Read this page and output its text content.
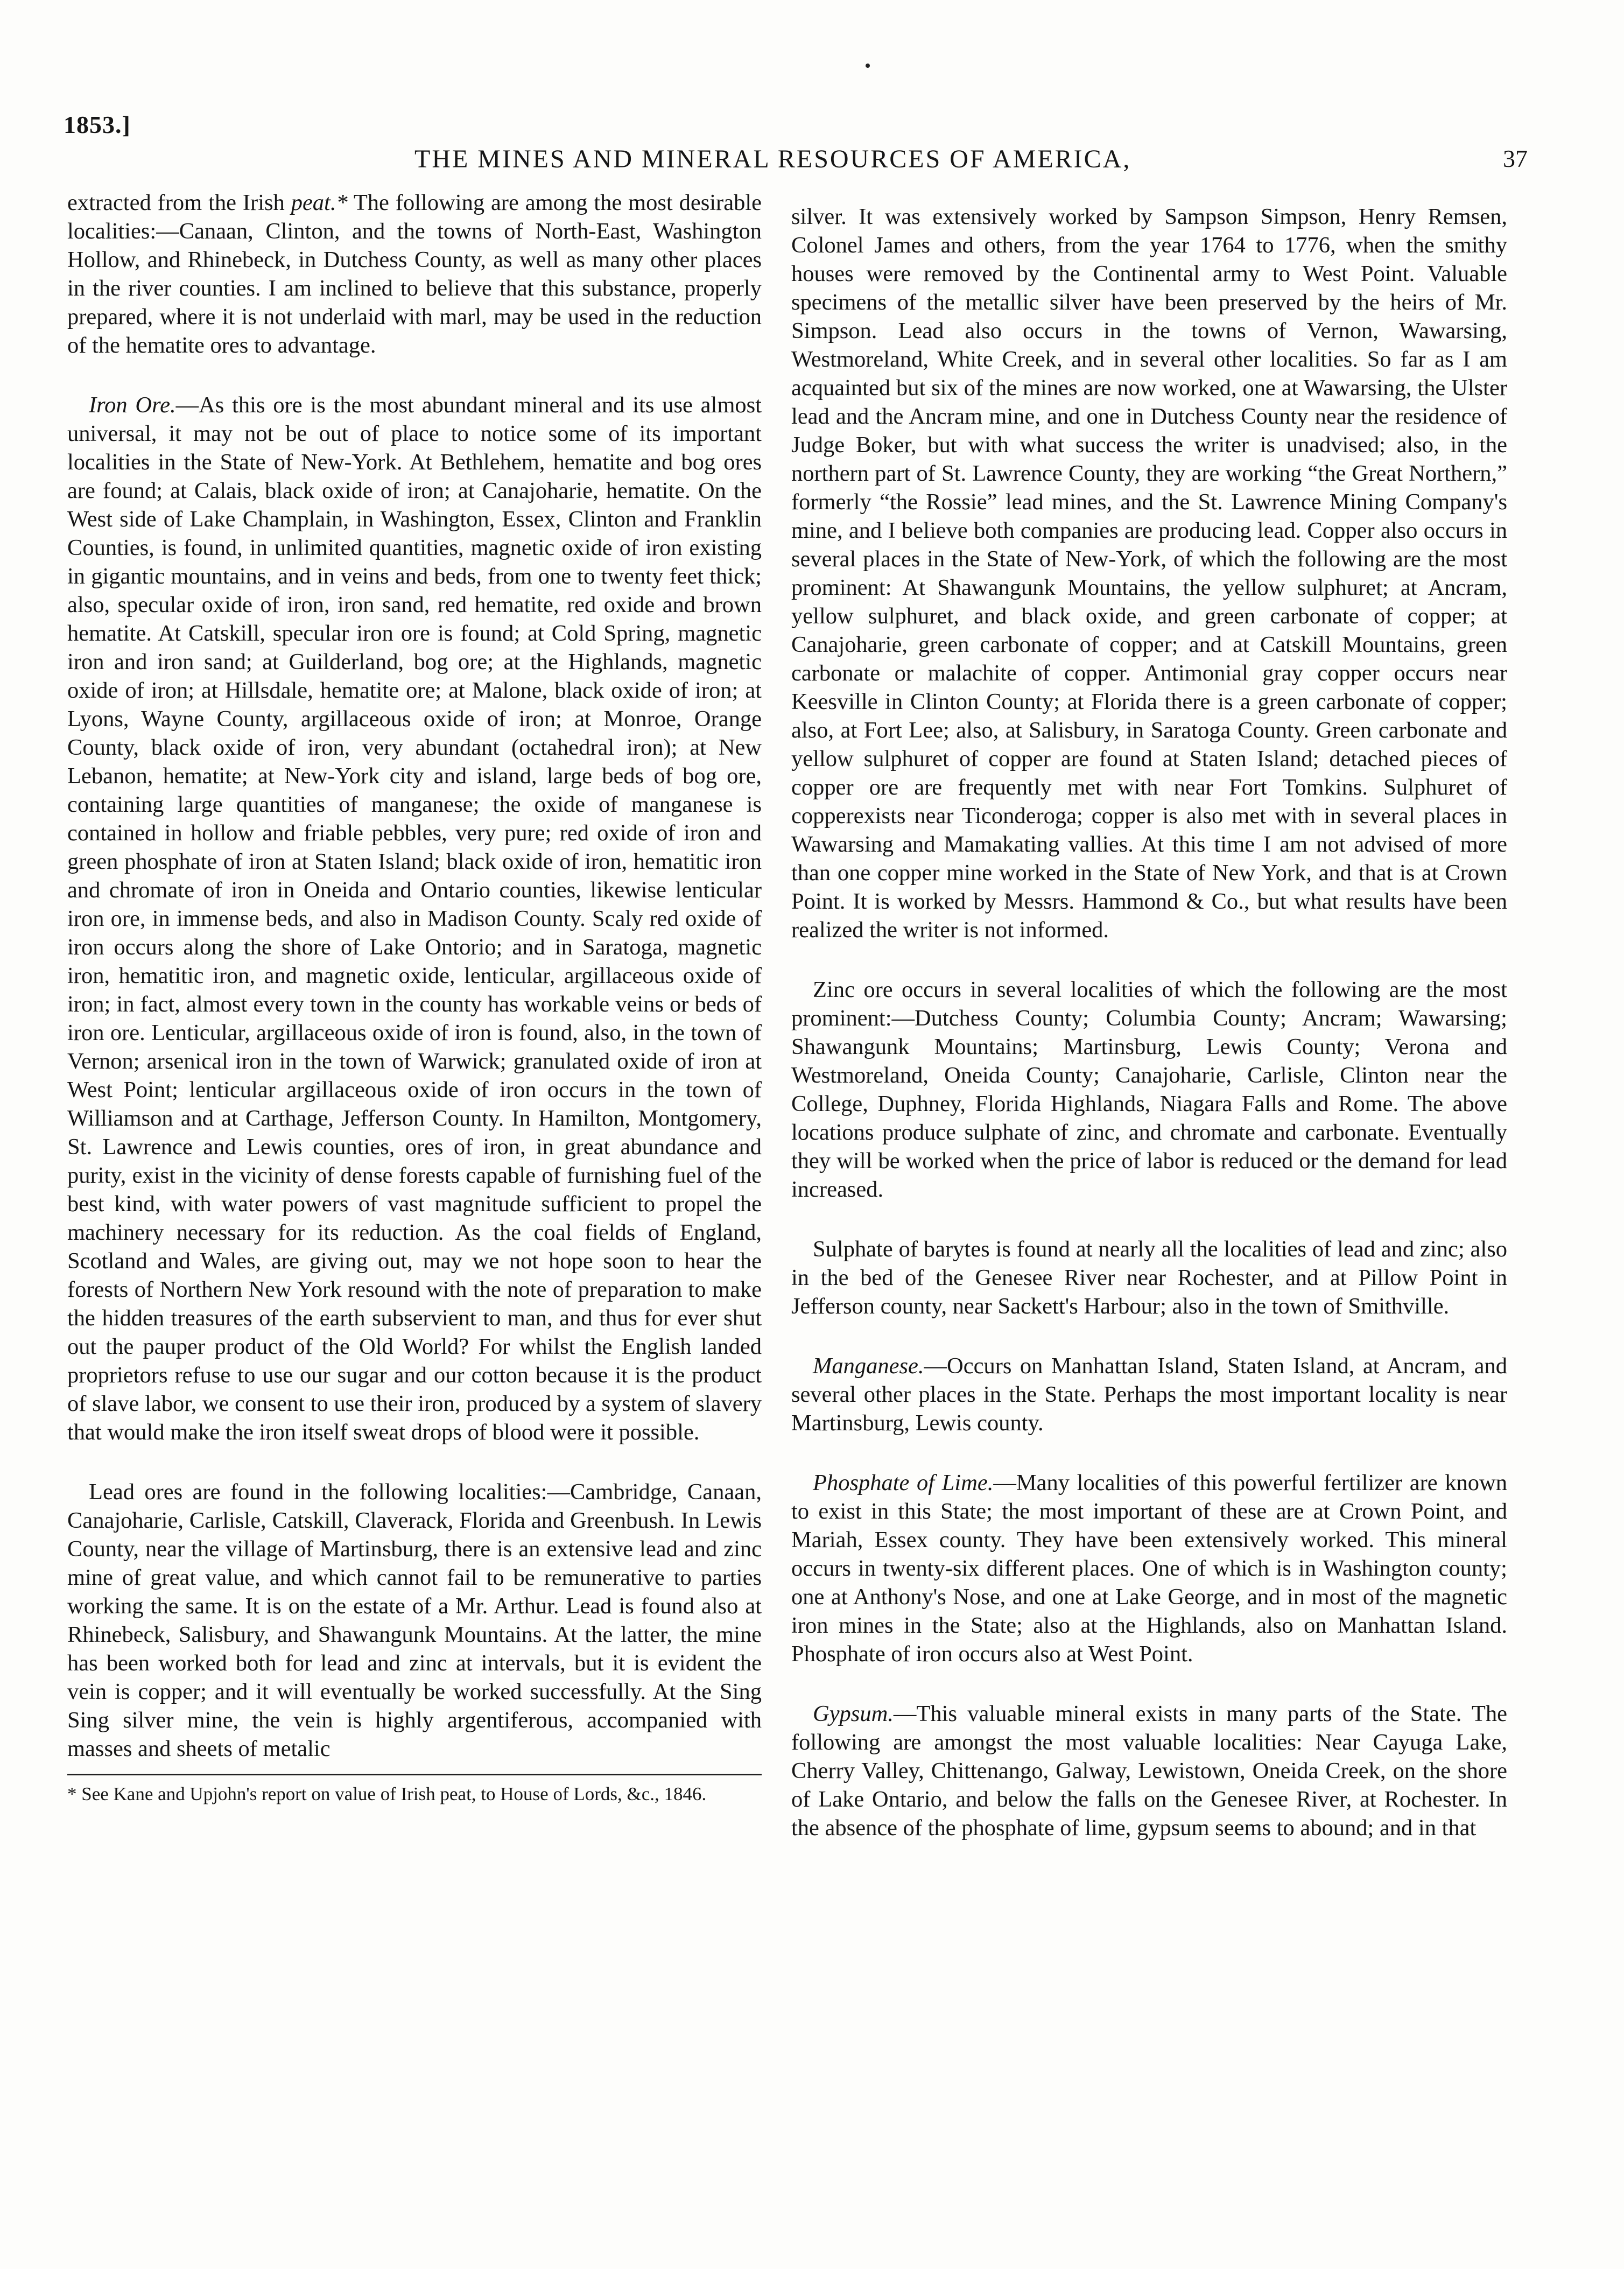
1853.]
THE MINES AND MINERAL RESOURCES OF AMERICA,	37

extracted from the Irish peat.* The following are among the most desirable localities:—Canaan, Clinton, and the towns of North-East, Washington Hollow, and Rhinebeck, in Dutchess County, as well as many other places in the river counties. I am inclined to believe that this substance, properly prepared, where it is not underlaid with marl, may be used in the reduction of the hematite ores to advantage.

Iron Ore.—As this ore is the most abundant mineral and its use almost universal, it may not be out of place to notice some of its important localities in the State of New-York. At Bethlehem, hematite and bog ores are found; at Calais, black oxide of iron; at Canajoharie, hematite. On the West side of Lake Champlain, in Washington, Essex, Clinton and Franklin Counties, is found, in unlimited quantities, magnetic oxide of iron existing in gigantic mountains, and in veins and beds, from one to twenty feet thick; also, specular oxide of iron, iron sand, red hematite, red oxide and brown hematite. At Catskill, specular iron ore is found; at Cold Spring, magnetic iron and iron sand; at Guilderland, bog ore; at the Highlands, magnetic oxide of iron; at Hillsdale, hematite ore; at Malone, black oxide of iron; at Lyons, Wayne County, argillaceous oxide of iron; at Monroe, Orange County, black oxide of iron, very abundant (octahedral iron); at New Lebanon, hematite; at New-York city and island, large beds of bog ore, containing large quantities of manganese; the oxide of manganese is contained in hollow and friable pebbles, very pure; red oxide of iron and green phosphate of iron at Staten Island; black oxide of iron, hematitic iron and chromate of iron in Oneida and Ontario counties, likewise lenticular iron ore, in immense beds, and also in Madison County. Scaly red oxide of iron occurs along the shore of Lake Ontorio; and in Saratoga, magnetic iron, hematitic iron, and magnetic oxide, lenticular, argillaceous oxide of iron; in fact, almost every town in the county has workable veins or beds of iron ore. Lenticular, argillaceous oxide of iron is found, also, in the town of Vernon; arsenical iron in the town of Warwick; granulated oxide of iron at West Point; lenticular argillaceous oxide of iron occurs in the town of Williamson and at Carthage, Jefferson County. In Hamilton, Montgomery, St. Lawrence and Lewis counties, ores of iron, in great abundance and purity, exist in the vicinity of dense forests capable of furnishing fuel of the best kind, with water powers of vast magnitude sufficient to propel the machinery necessary for its reduction. As the coal fields of England, Scotland and Wales, are giving out, may we not hope soon to hear the forests of Northern New York resound with the note of preparation to make the hidden treasures of the earth subservient to man, and thus for ever shut out the pauper product of the Old World? For whilst the English landed proprietors refuse to use our sugar and our cotton because it is the product of slave labor, we consent to use their iron, produced by a system of slavery that would make the iron itself sweat drops of blood were it possible.

Lead ores are found in the following localities:—Cambridge, Canaan, Canajoharie, Carlisle, Catskill, Claverack, Florida and Greenbush. In Lewis County, near the village of Martinsburg, there is an extensive lead and zinc mine of great value, and which cannot fail to be remunerative to parties working the same. It is on the estate of a Mr. Arthur. Lead is found also at Rhinebeck, Salisbury, and Shawangunk Mountains. At the latter, the mine has been worked both for lead and zinc at intervals, but it is evident the vein is copper; and it will eventually be worked successfully. At the Sing Sing silver mine, the vein is highly argentiferous, accompanied with masses and sheets of metalic

* See Kane and Upjohn's report on value of Irish peat, to House of Lords, &c., 1846.

silver. It was extensively worked by Sampson Simpson, Henry Remsen, Colonel James and others, from the year 1764 to 1776, when the smithy houses were removed by the Continental army to West Point. Valuable specimens of the metallic silver have been preserved by the heirs of Mr. Simpson. Lead also occurs in the towns of Vernon, Wawarsing, Westmoreland, White Creek, and in several other localities. So far as I am acquainted but six of the mines are now worked, one at Wawarsing, the Ulster lead and the Ancram mine, and one in Dutchess County near the residence of Judge Boker, but with what success the writer is unadvised; also, in the northern part of St. Lawrence County, they are working “the Great Northern,” formerly “the Rossie” lead mines, and the St. Lawrence Mining Company's mine, and I believe both companies are producing lead. Copper also occurs in several places in the State of New-York, of which the following are the most prominent: At Shawangunk Mountains, the yellow sulphuret; at Ancram, yellow sulphuret, and black oxide, and green carbonate of copper; at Canajoharie, green carbonate of copper; and at Catskill Mountains, green carbonate or malachite of copper. Antimonial gray copper occurs near Keesville in Clinton County; at Florida there is a green carbonate of copper; also, at Fort Lee; also, at Salisbury, in Saratoga County. Green carbonate and yellow sulphuret of copper are found at Staten Island; detached pieces of copper ore are frequently met with near Fort Tomkins. Sulphuret of copperexists near Ticonderoga; copper is also met with in several places in Wawarsing and Mamakating vallies. At this time I am not advised of more than one copper mine worked in the State of New York, and that is at Crown Point. It is worked by Messrs. Hammond & Co., but what results have been realized the writer is not informed.

Zinc ore occurs in several localities of which the following are the most prominent:—Dutchess County; Columbia County; Ancram; Wawarsing; Shawangunk Mountains; Martinsburg, Lewis County; Verona and Westmoreland, Oneida County; Canajoharie, Carlisle, Clinton near the College, Duphney, Florida Highlands, Niagara Falls and Rome. The above locations produce sulphate of zinc, and chromate and carbonate. Eventually they will be worked when the price of labor is reduced or the demand for lead increased.

Sulphate of barytes is found at nearly all the localities of lead and zinc; also in the bed of the Genesee River near Rochester, and at Pillow Point in Jefferson county, near Sackett's Harbour; also in the town of Smithville.

Manganese.—Occurs on Manhattan Island, Staten Island, at Ancram, and several other places in the State. Perhaps the most important locality is near Martinsburg, Lewis county.

Phosphate of Lime.—Many localities of this powerful fertilizer are known to exist in this State; the most important of these are at Crown Point, and Mariah, Essex county. They have been extensively worked. This mineral occurs in twenty-six different places. One of which is in Washington county; one at Anthony's Nose, and one at Lake George, and in most of the magnetic iron mines in the State; also at the Highlands, also on Manhattan Island. Phosphate of iron occurs also at West Point.

Gypsum.—This valuable mineral exists in many parts of the State. The following are amongst the most valuable localities: Near Cayuga Lake, Cherry Valley, Chittenango, Galway, Lewistown, Oneida Creek, on the shore of Lake Ontario, and below the falls on the Genesee River, at Rochester. In the absence of the phosphate of lime, gypsum seems to abound; and in that
